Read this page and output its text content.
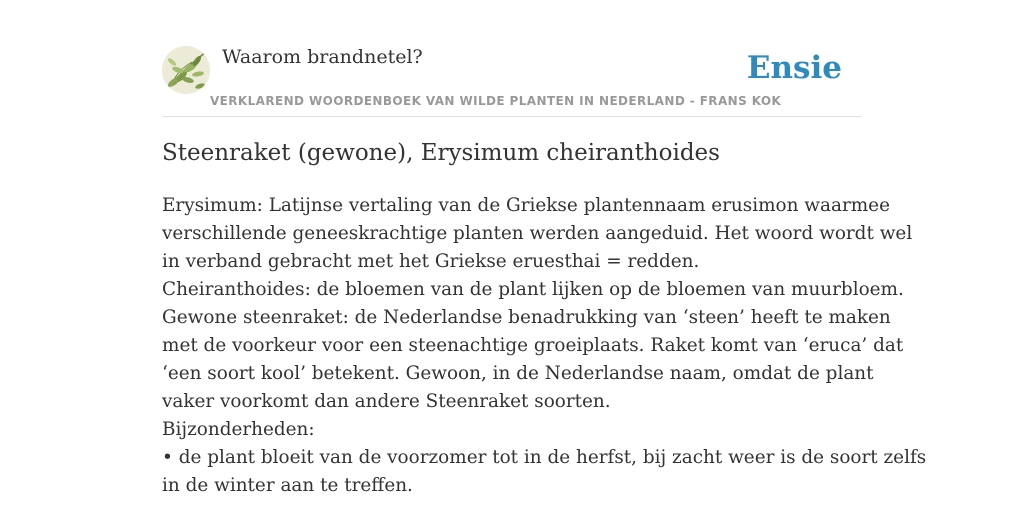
Waarom brandnetel?
VERKLAREND WOORDENBOEK VAN WILDE PLANTEN IN NEDERLAND - FRANS KOK
Ensie
Steenraket (gewone), Erysimum cheiranthoides
Erysimum: Latijnse vertaling van de Griekse plantennaam erusimon waarmee
verschillende geneeskrachtige planten werden aangeduid. Het woord wordt wel
in verband gebracht met het Griekse eruesthai = redden.
Cheiranthoides: de bloemen van de plant lijken op de bloemen van muurbloem.
Gewone steenraket: de Nederlandse benadrukking van ‘steen’ heeft te maken
met de voorkeur voor een steenachtige groeiplaats. Raket komt van ‘eruca’ dat
‘een soort kool’ betekent. Gewoon, in de Nederlandse naam, omdat de plant
vaker voorkomt dan andere Steenraket soorten.
Bijzonderheden:
• de plant bloeit van de voorzomer tot in de herfst, bij zacht weer is de soort zelfs
in de winter aan te treffen.
